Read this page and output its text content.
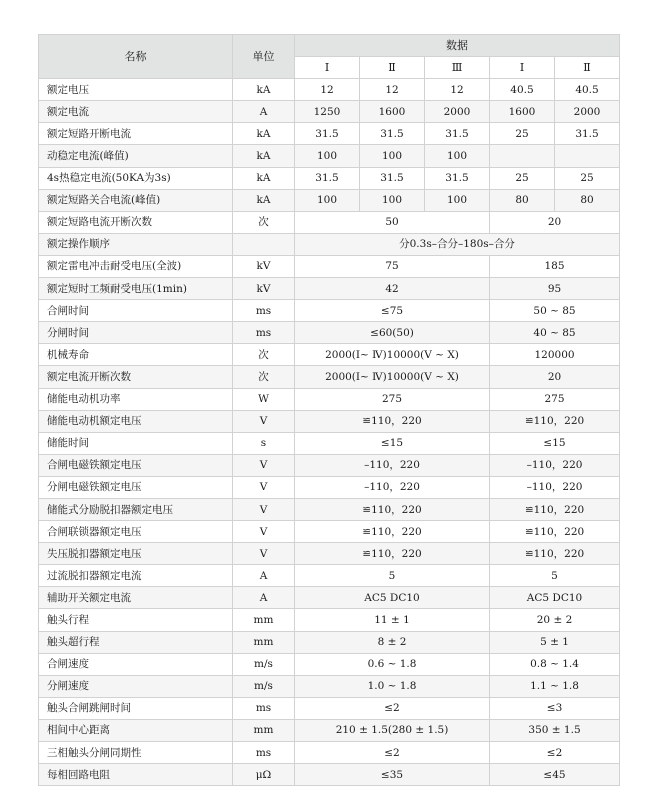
名称	单位	数据				
		Ⅰ	Ⅱ	Ⅲ	Ⅰ	Ⅱ
额定电压	kA	12	12	12	40.5	40.5
额定电流	A	1250	1600	2000	1600	2000
额定短路开断电流	kA	31.5	31.5	31.5	25	31.5
动稳定电流(峰值)	kA	100	100	100		
4s热稳定电流(50KA为3s)	kA	31.5	31.5	31.5	25	25
额定短路关合电流(峰值)	kA	100	100	100	80	80
额定短路电流开断次数	次	50			20	
额定操作顺序		分0.3s–合分–180s–合分				
额定雷电冲击耐受电压(全波)	kV	75			185	
额定短时工频耐受电压(1min)	kV	42			95	
合闸时间	ms	≤75			50 ~ 85	
分闸时间	ms	≤60(50)			40 ~ 85	
机械寿命	次	2000(Ⅰ~ Ⅳ)10000(Ⅴ ~ Ⅹ)			120000	
额定电流开断次数	次	2000(Ⅰ~ Ⅳ)10000(Ⅴ ~ Ⅹ)			20	
储能电动机功率	W	275			275	
储能电动机额定电压	V	≌110，220			≌110，220	
储能时间	s	≤15			≤15	
合闸电磁铁额定电压	V	–110，220			–110，220	
分闸电磁铁额定电压	V	–110，220			–110，220	
储能式分励脱扣器额定电压	V	≌110，220			≌110，220	
合闸联锁器额定电压	V	≌110，220			≌110，220	
失压脱扣器额定电压	V	≌110，220			≌110，220	
过流脱扣器额定电流	A	5			5	
辅助开关额定电流	A	AC5 DC10			AC5 DC10	
触头行程	mm	11 ± 1			20 ± 2	
触头超行程	mm	8 ± 2			5 ± 1	
合闸速度	m/s	0.6 ~ 1.8			0.8 ~ 1.4	
分闸速度	m/s	1.0 ~ 1.8			1.1 ~ 1.8	
触头合闸跳闸时间	ms	≤2			≤3	
相间中心距离	mm	210 ± 1.5(280 ± 1.5)			350 ± 1.5	
三相触头分闸同期性	ms	≤2			≤2	
每相回路电阻	μΩ	≤35			≤45	
